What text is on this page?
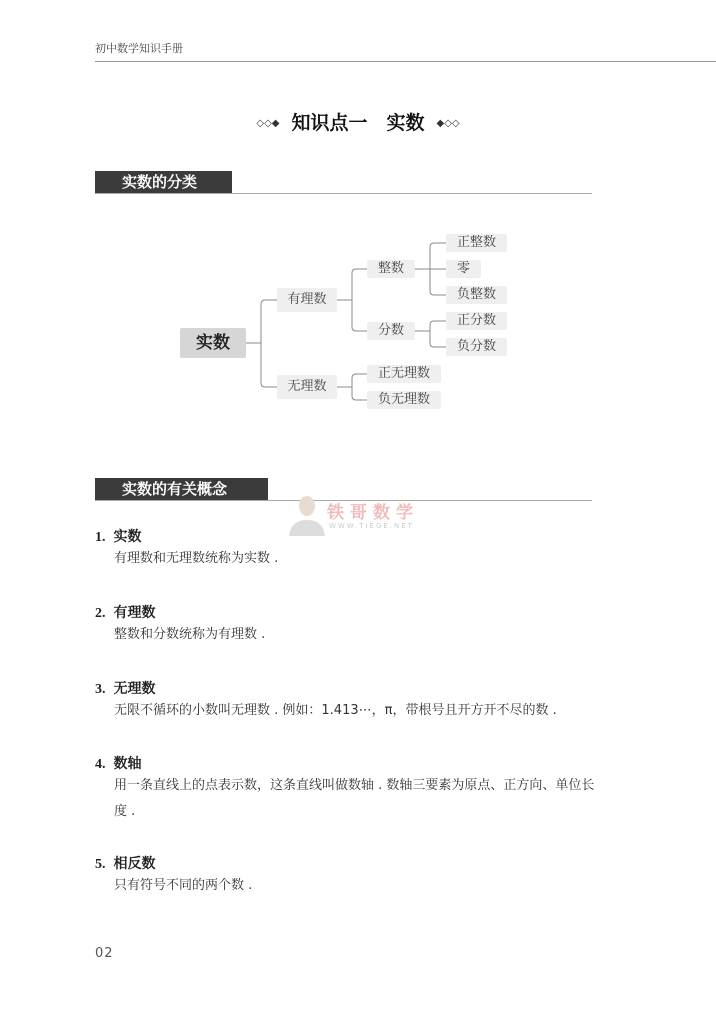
初中数学知识手册
◇◇◆ 知识点一　实数 ◆◇◇
实数的分类
实数
有理数
无理数
整数
分数
正整数
零
负整数
正分数
负分数
正无理数
负无理数
实数的有关概念
铁哥数学
WWW.TIEGE.NET
1. 实数
有理数和无理数统称为实数 .
2. 有理数
整数和分数统称为有理数 .
3. 无理数
无限不循环的小数叫无理数 . 例如：1.413⋯，π，带根号且开方开不尽的数 .
4. 数轴
用一条直线上的点表示数，这条直线叫做数轴 . 数轴三要素为原点、正方向、单位长度 .
5. 相反数
只有符号不同的两个数 .
02
